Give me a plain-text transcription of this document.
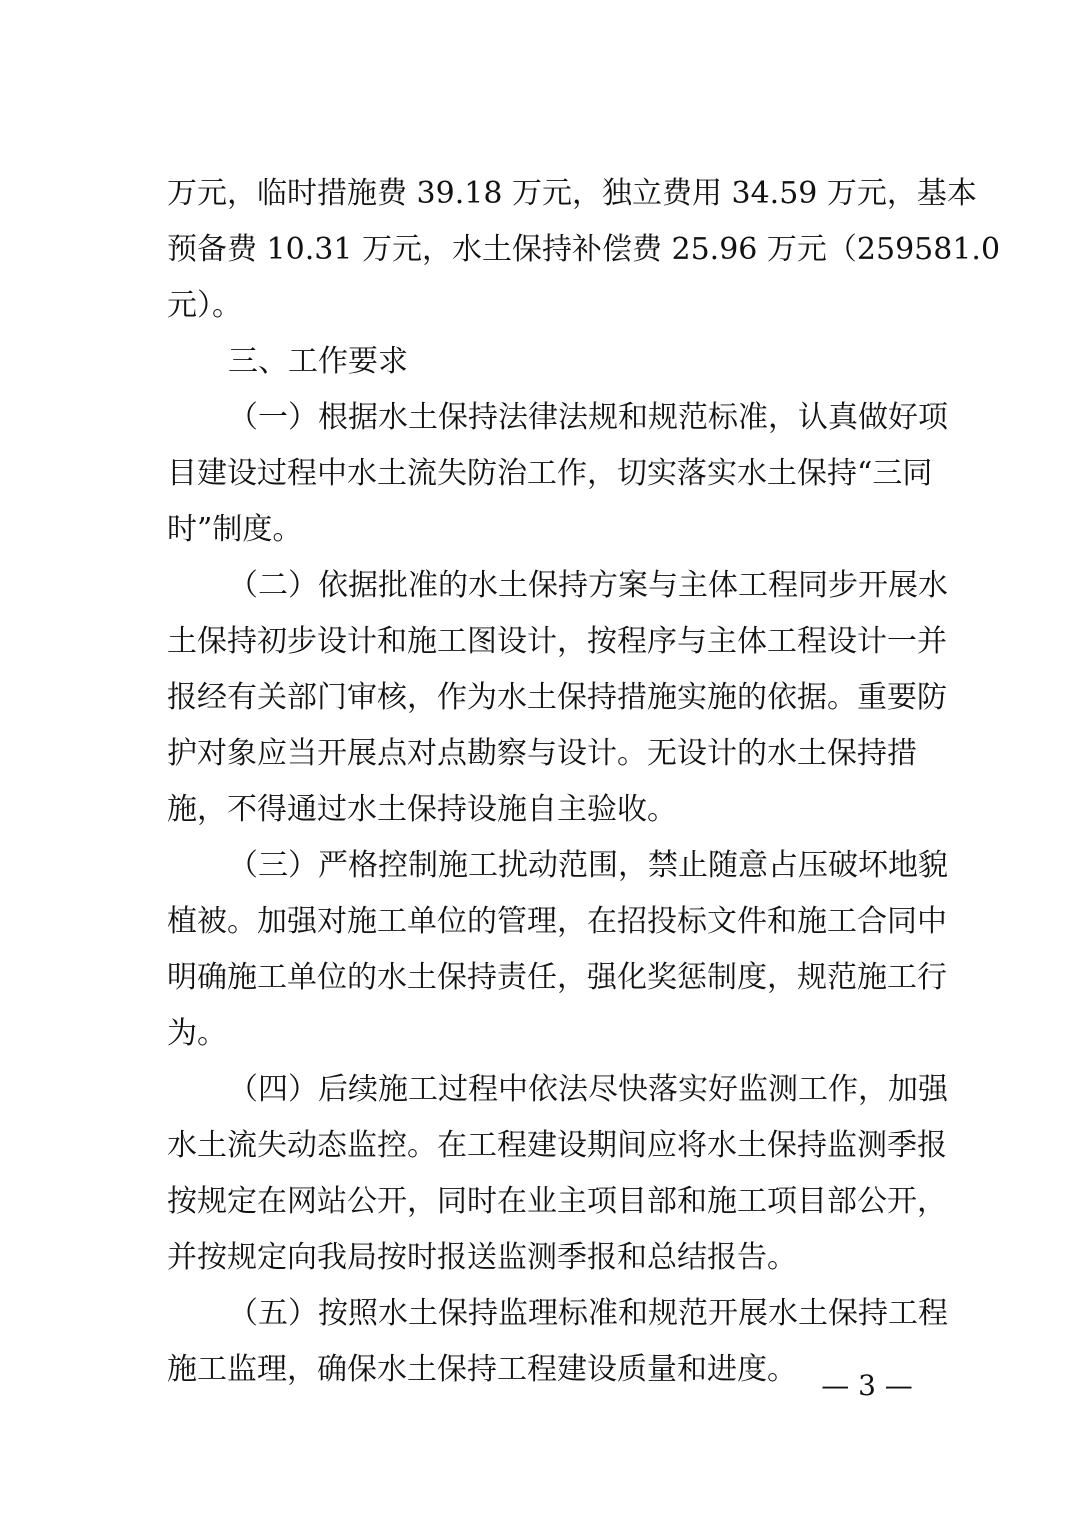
万元，临时措施费 39.18 万元，独立费用 34.59 万元，基本
预备费 10.31 万元，水土保持补偿费 25.96 万元（259581.0
元）。
三、工作要求
（一）根据水土保持法律法规和规范标准，认真做好项
目建设过程中水土流失防治工作，切实落实水土保持“三同
时”制度。
（二）依据批准的水土保持方案与主体工程同步开展水
土保持初步设计和施工图设计，按程序与主体工程设计一并
报经有关部门审核，作为水土保持措施实施的依据。重要防
护对象应当开展点对点勘察与设计。无设计的水土保持措
施，不得通过水土保持设施自主验收。
（三）严格控制施工扰动范围，禁止随意占压破坏地貌
植被。加强对施工单位的管理，在招投标文件和施工合同中
明确施工单位的水土保持责任，强化奖惩制度，规范施工行
为。
（四）后续施工过程中依法尽快落实好监测工作，加强
水土流失动态监控。在工程建设期间应将水土保持监测季报
按规定在网站公开，同时在业主项目部和施工项目部公开，
并按规定向我局按时报送监测季报和总结报告。
（五）按照水土保持监理标准和规范开展水土保持工程
施工监理，确保水土保持工程建设质量和进度。 — 3 —
